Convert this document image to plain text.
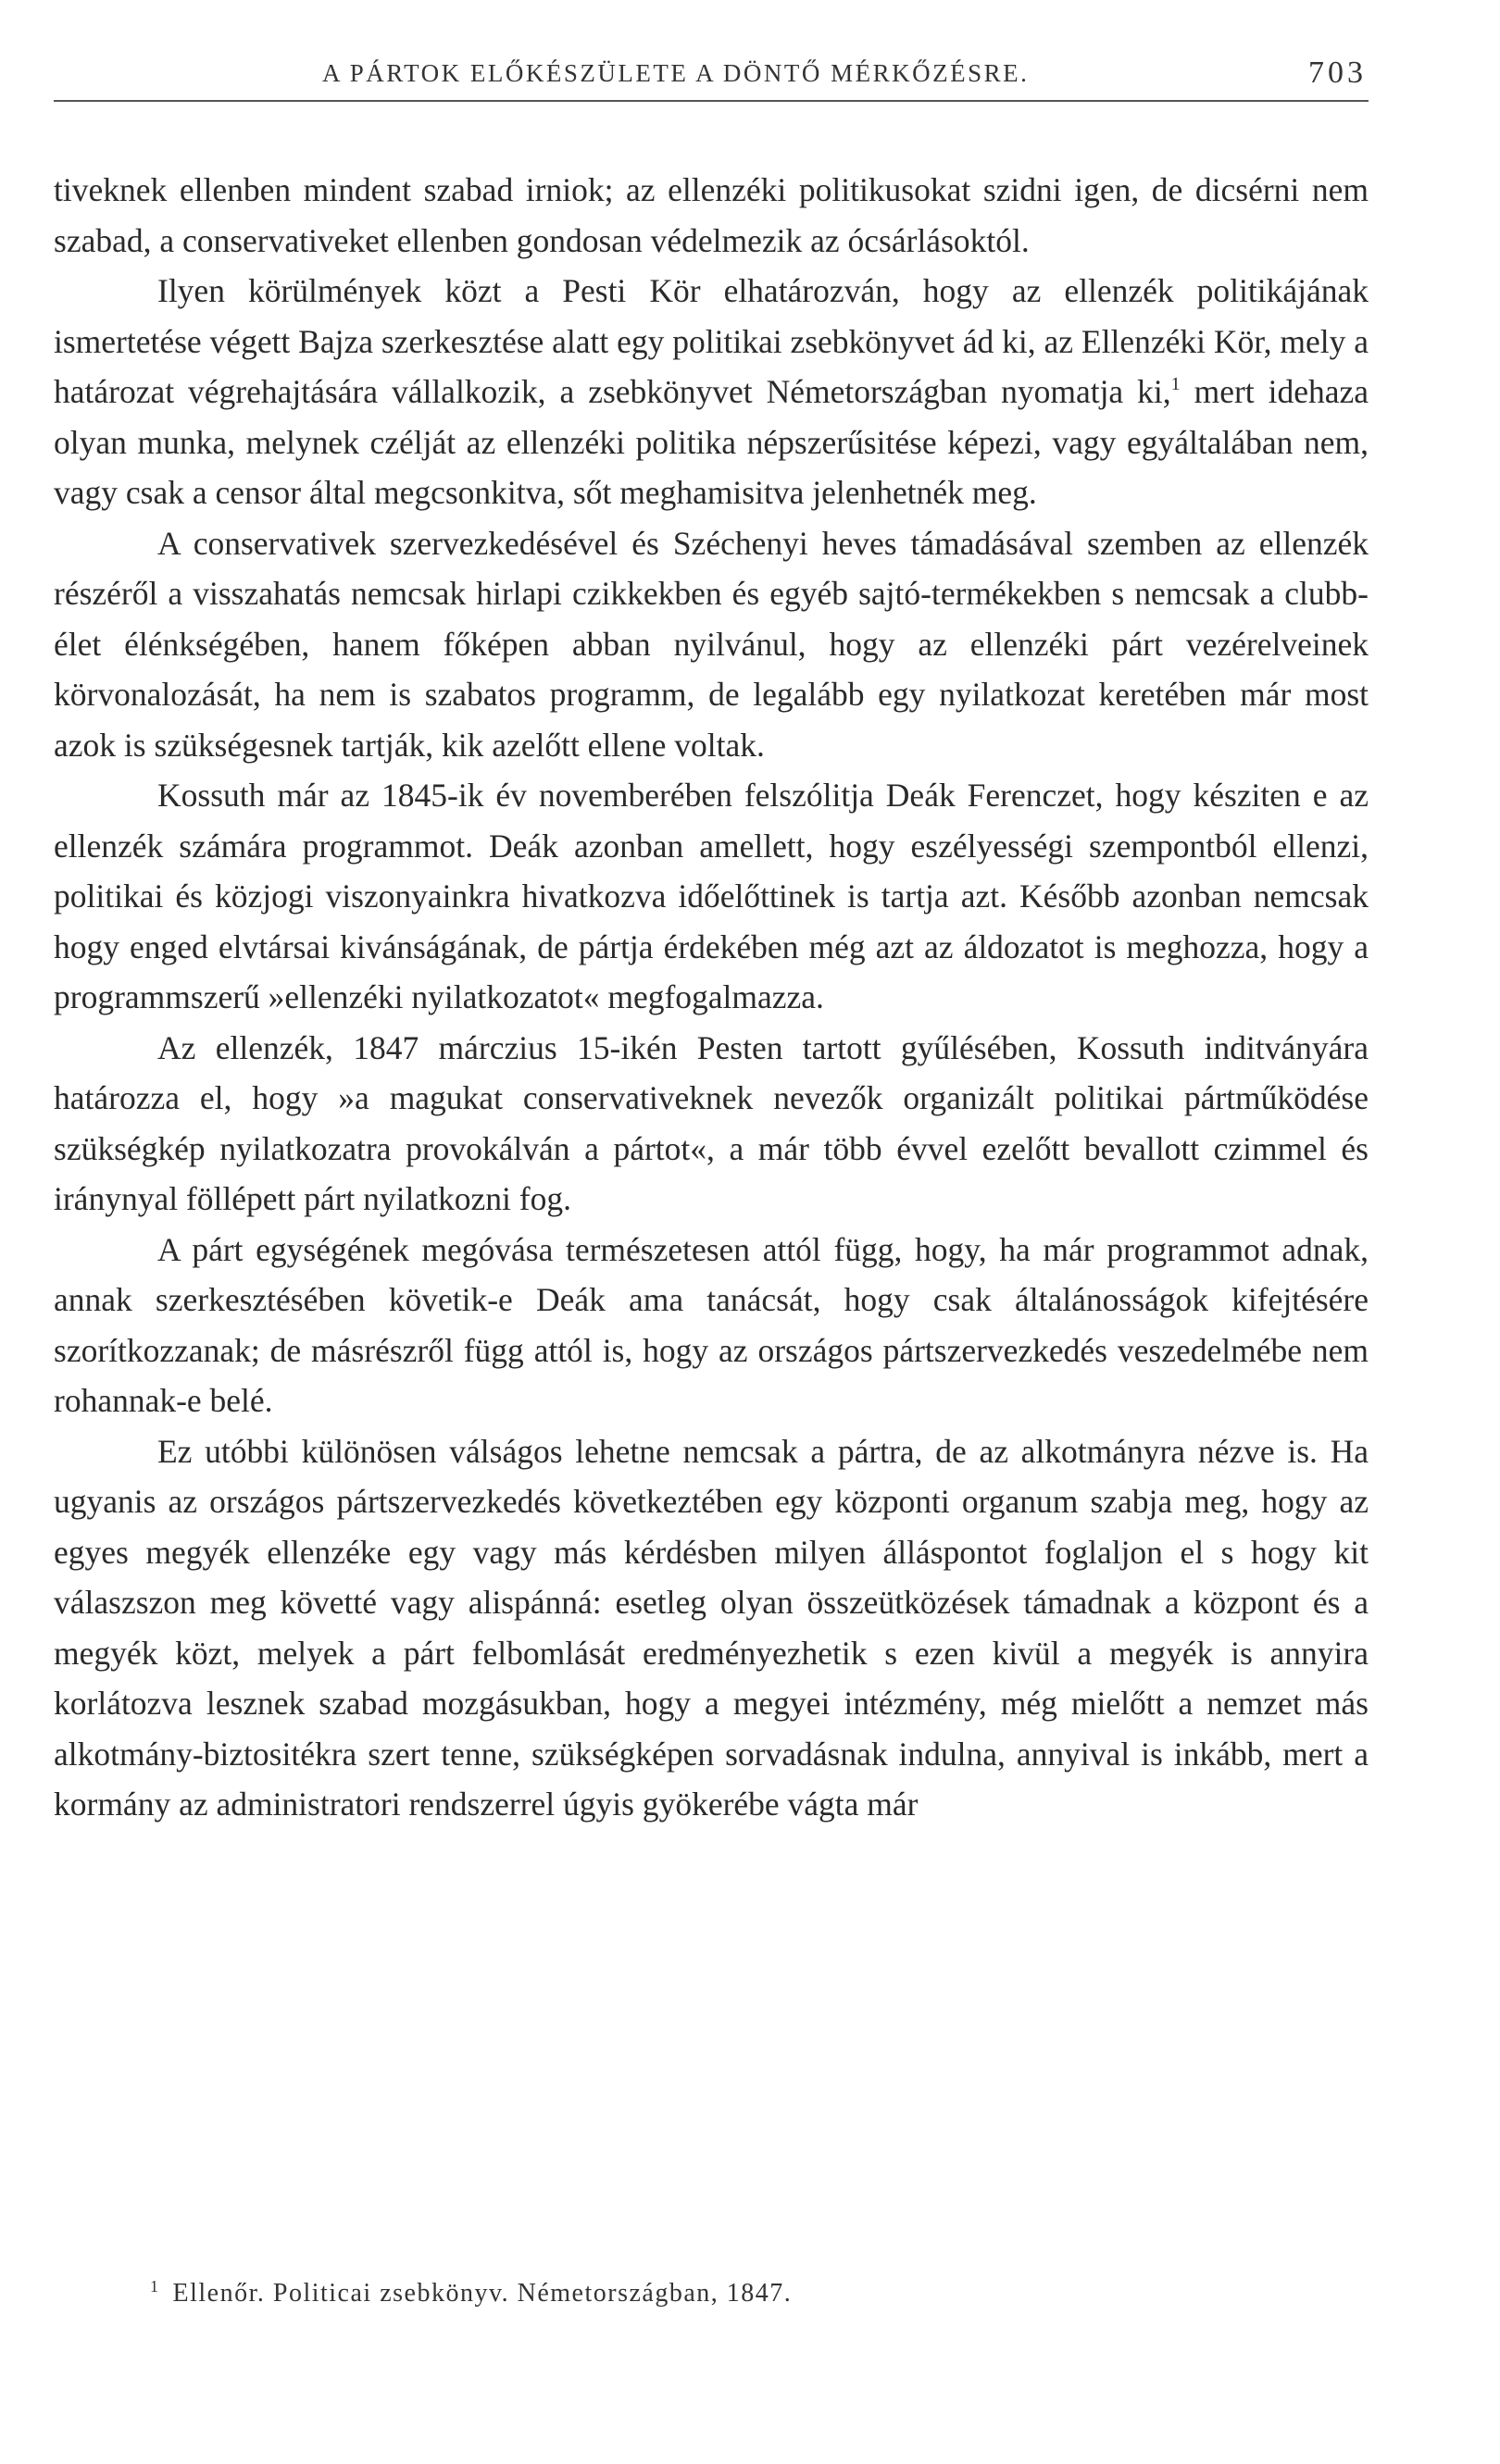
A PÁRTOK ELŐKÉSZÜLETE A DÖNTŐ MÉRKŐZÉSRE.	703

tiveknek ellenben mindent szabad irniok; az ellenzéki politikusokat szidni igen, de dicsérni nem szabad, a conservativeket ellenben gondosan védelmezik az ócsárlásoktól.

Ilyen körülmények közt a Pesti Kör elhatározván, hogy az ellenzék politikájának ismertetése végett Bajza szerkesztése alatt egy politikai zsebkönyvet ád ki, az Ellenzéki Kör, mely a határozat végrehajtására vállalkozik, a zsebkönyvet Németországban nyomatja ki,$^1$ mert idehaza olyan munka, melynek czélját az ellenzéki politika népszerűsitése képezi, vagy egyáltalában nem, vagy csak a censor által megcsonkitva, sőt meghamisitva jelenhetnék meg.

A conservativek szervezkedésével és Széchenyi heves támadásával szemben az ellenzék részéről a visszahatás nemcsak hirlapi czikkekben és egyéb sajtó-termékekben s nemcsak a clubb-élet élénkségében, hanem főképen abban nyilvánul, hogy az ellenzéki párt vezérelveinek körvonalozását, ha nem is szabatos programm, de legalább egy nyilatkozat keretében már most azok is szükségesnek tartják, kik azelőtt ellene voltak.

Kossuth már az 1845-ik év novemberében felszólitja Deák Ferenczet, hogy késziten e az ellenzék számára programmot. Deák azonban amellett, hogy eszélyességi szempontból ellenzi, politikai és közjogi viszonyainkra hivatkozva időelőttinek is tartja azt. Később azonban nemcsak hogy enged elvtársai kivánságának, de pártja érdekében még azt az áldozatot is meghozza, hogy a programmszerű »ellenzéki nyilatkozatot« megfogalmazza.

Az ellenzék, 1847 márczius 15-ikén Pesten tartott gyűlésében, Kossuth inditványára határozza el, hogy »a magukat conservativeknek nevezők organizált politikai pártműködése szükségkép nyilatkozatra provokálván a pártot«, a már több évvel ezelőtt bevallott czimmel és iránynyal föllépett párt nyilatkozni fog.

A párt egységének megóvása természetesen attól függ, hogy, ha már programmot adnak, annak szerkesztésében követik-e Deák ama tanácsát, hogy csak általánosságok kifejtésére szorítkozzanak; de másrészről függ attól is, hogy az országos pártszervezkedés veszedelmébe nem rohannak-e belé.

Ez utóbbi különösen válságos lehetne nemcsak a pártra, de az alkotmányra nézve is. Ha ugyanis az országos pártszervezkedés következtében egy központi organum szabja meg, hogy az egyes megyék ellenzéke egy vagy más kérdésben milyen álláspontot foglaljon el s hogy kit válaszszon meg követté vagy alispánná: esetleg olyan összeütközések támadnak a központ és a megyék közt, melyek a párt felbomlását eredményezhetik s ezen kivül a megyék is annyira korlátozva lesznek szabad mozgásukban, hogy a megyei intézmény, még mielőtt a nemzet más alkotmány-biztositékra szert tenne, szükségképen sorvadásnak indulna, annyival is inkább, mert a kormány az administratori rendszerrel úgyis gyökerébe vágta már

$^1$ Ellenőr. Politicai zsebkönyv. Németországban, 1847.
